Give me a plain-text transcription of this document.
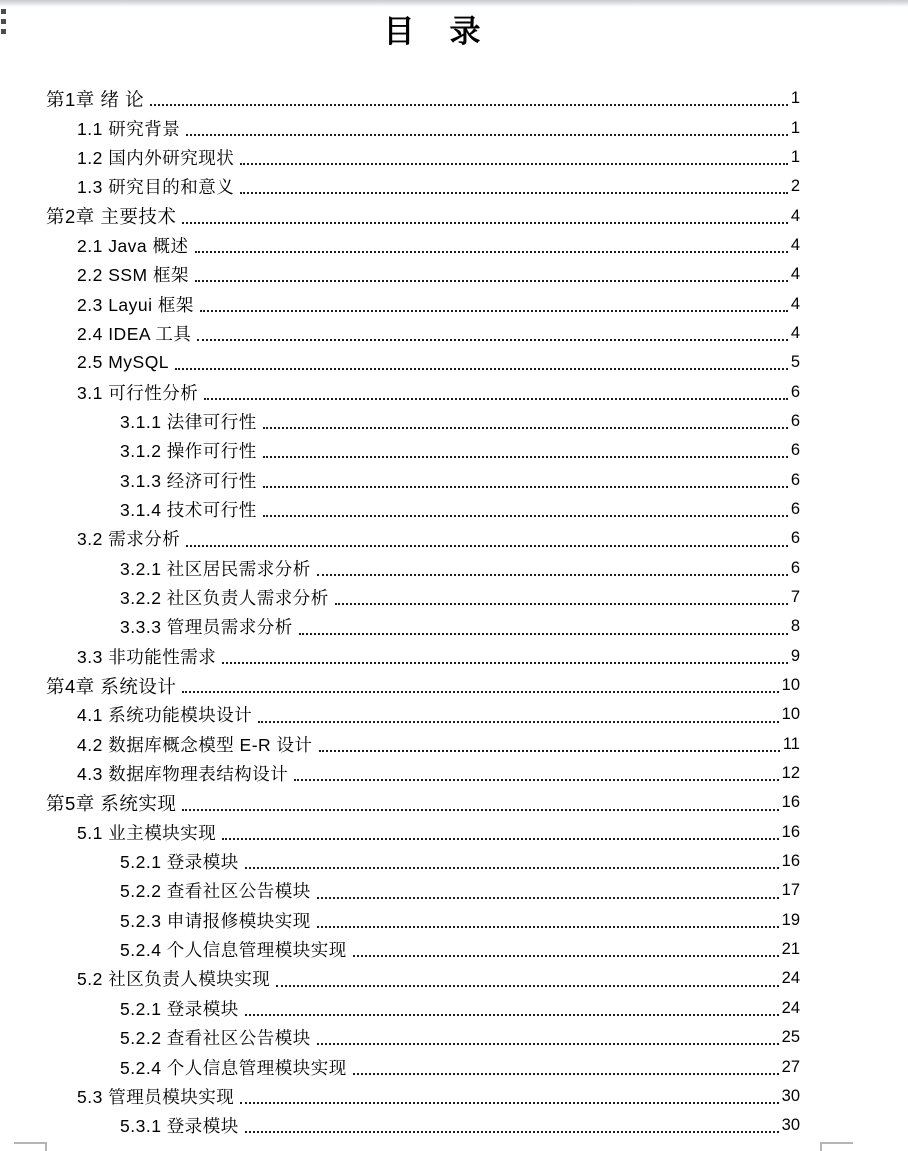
目　录
第1章 绪 论	1
1.1 研究背景	1
1.2 国内外研究现状	1
1.3 研究目的和意义	2
第2章 主要技术	4
2.1 Java 概述	4
2.2 SSM 框架	4
2.3 Layui 框架	4
2.4 IDEA 工具	4
2.5 MySQL	5
3.1 可行性分析	6
3.1.1 法律可行性	6
3.1.2 操作可行性	6
3.1.3 经济可行性	6
3.1.4 技术可行性	6
3.2 需求分析	6
3.2.1 社区居民需求分析	6
3.2.2 社区负责人需求分析	7
3.3.3 管理员需求分析	8
3.3 非功能性需求	9
第4章 系统设计	10
4.1 系统功能模块设计	10
4.2 数据库概念模型 E-R 设计	11
4.3 数据库物理表结构设计	12
第5章 系统实现	16
5.1 业主模块实现	16
5.2.1 登录模块	16
5.2.2 查看社区公告模块	17
5.2.3 申请报修模块实现	19
5.2.4 个人信息管理模块实现	21
5.2 社区负责人模块实现	24
5.2.1 登录模块	24
5.2.2 查看社区公告模块	25
5.2.4 个人信息管理模块实现	27
5.3 管理员模块实现	30
5.3.1 登录模块	30
